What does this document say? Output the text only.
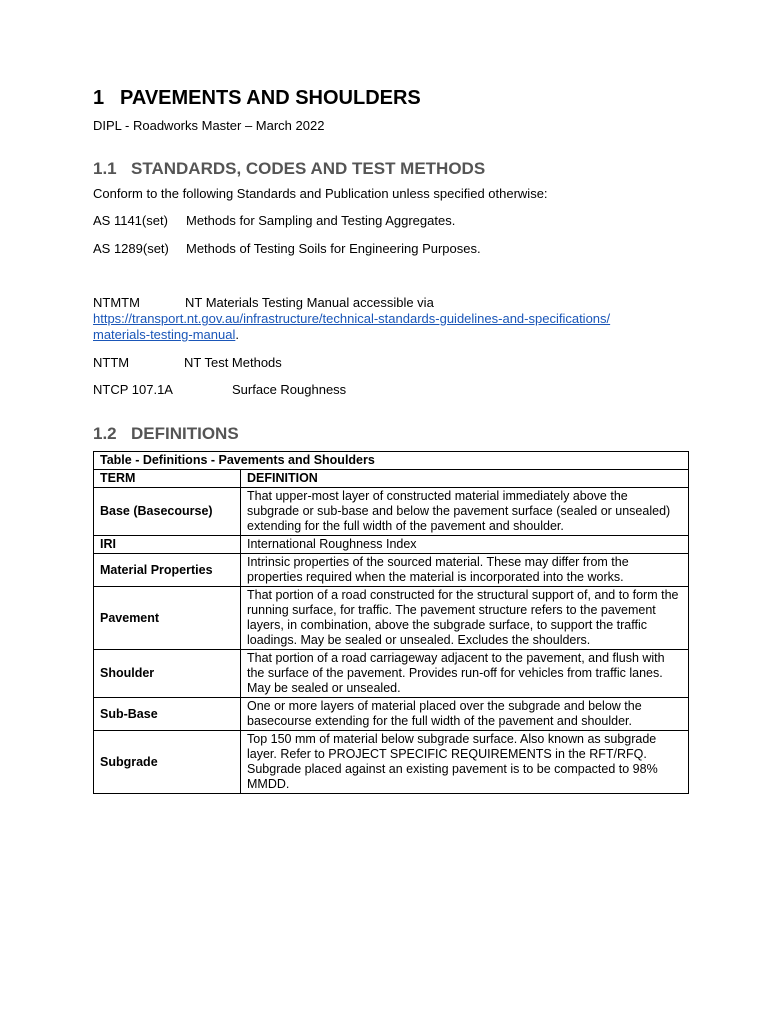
1 PAVEMENTS AND SHOULDERS
DIPL - Roadworks Master – March 2022
1.1 STANDARDS, CODES AND TEST METHODS
Conform to the following Standards and Publication unless specified otherwise:
AS 1141(set) Methods for Sampling and Testing Aggregates.
AS 1289(set) Methods of Testing Soils for Engineering Purposes.
NTMTM	NT Materials Testing Manual accessible via
https://transport.nt.gov.au/infrastructure/technical-standards-guidelines-and-specifications/
materials-testing-manual.
NTTM	NT Test Methods
NTCP 107.1A	Surface Roughness
1.2 DEFINITIONS
Table - Definitions - Pavements and Shoulders	
TERM	DEFINITION
Base (Basecourse)	That upper-most layer of constructed material immediately above the subgrade or sub-base and below the pavement surface (sealed or unsealed) extending for the full width of the pavement and shoulder.
IRI	International Roughness Index
Material Properties	Intrinsic properties of the sourced material. These may differ from the properties required when the material is incorporated into the works.
Pavement	That portion of a road constructed for the structural support of, and to form the running surface, for traffic. The pavement structure refers to the pavement layers, in combination, above the subgrade surface, to support the traffic loadings. May be sealed or unsealed. Excludes the shoulders.
Shoulder	That portion of a road carriageway adjacent to the pavement, and flush with the surface of the pavement. Provides run-off for vehicles from traffic lanes. May be sealed or unsealed.
Sub-Base	One or more layers of material placed over the subgrade and below the basecourse extending for the full width of the pavement and shoulder.
Subgrade	Top 150 mm of material below subgrade surface. Also known as subgrade layer. Refer to PROJECT SPECIFIC REQUIREMENTS in the RFT/RFQ. Subgrade placed against an existing pavement is to be compacted to 98% MMDD.
